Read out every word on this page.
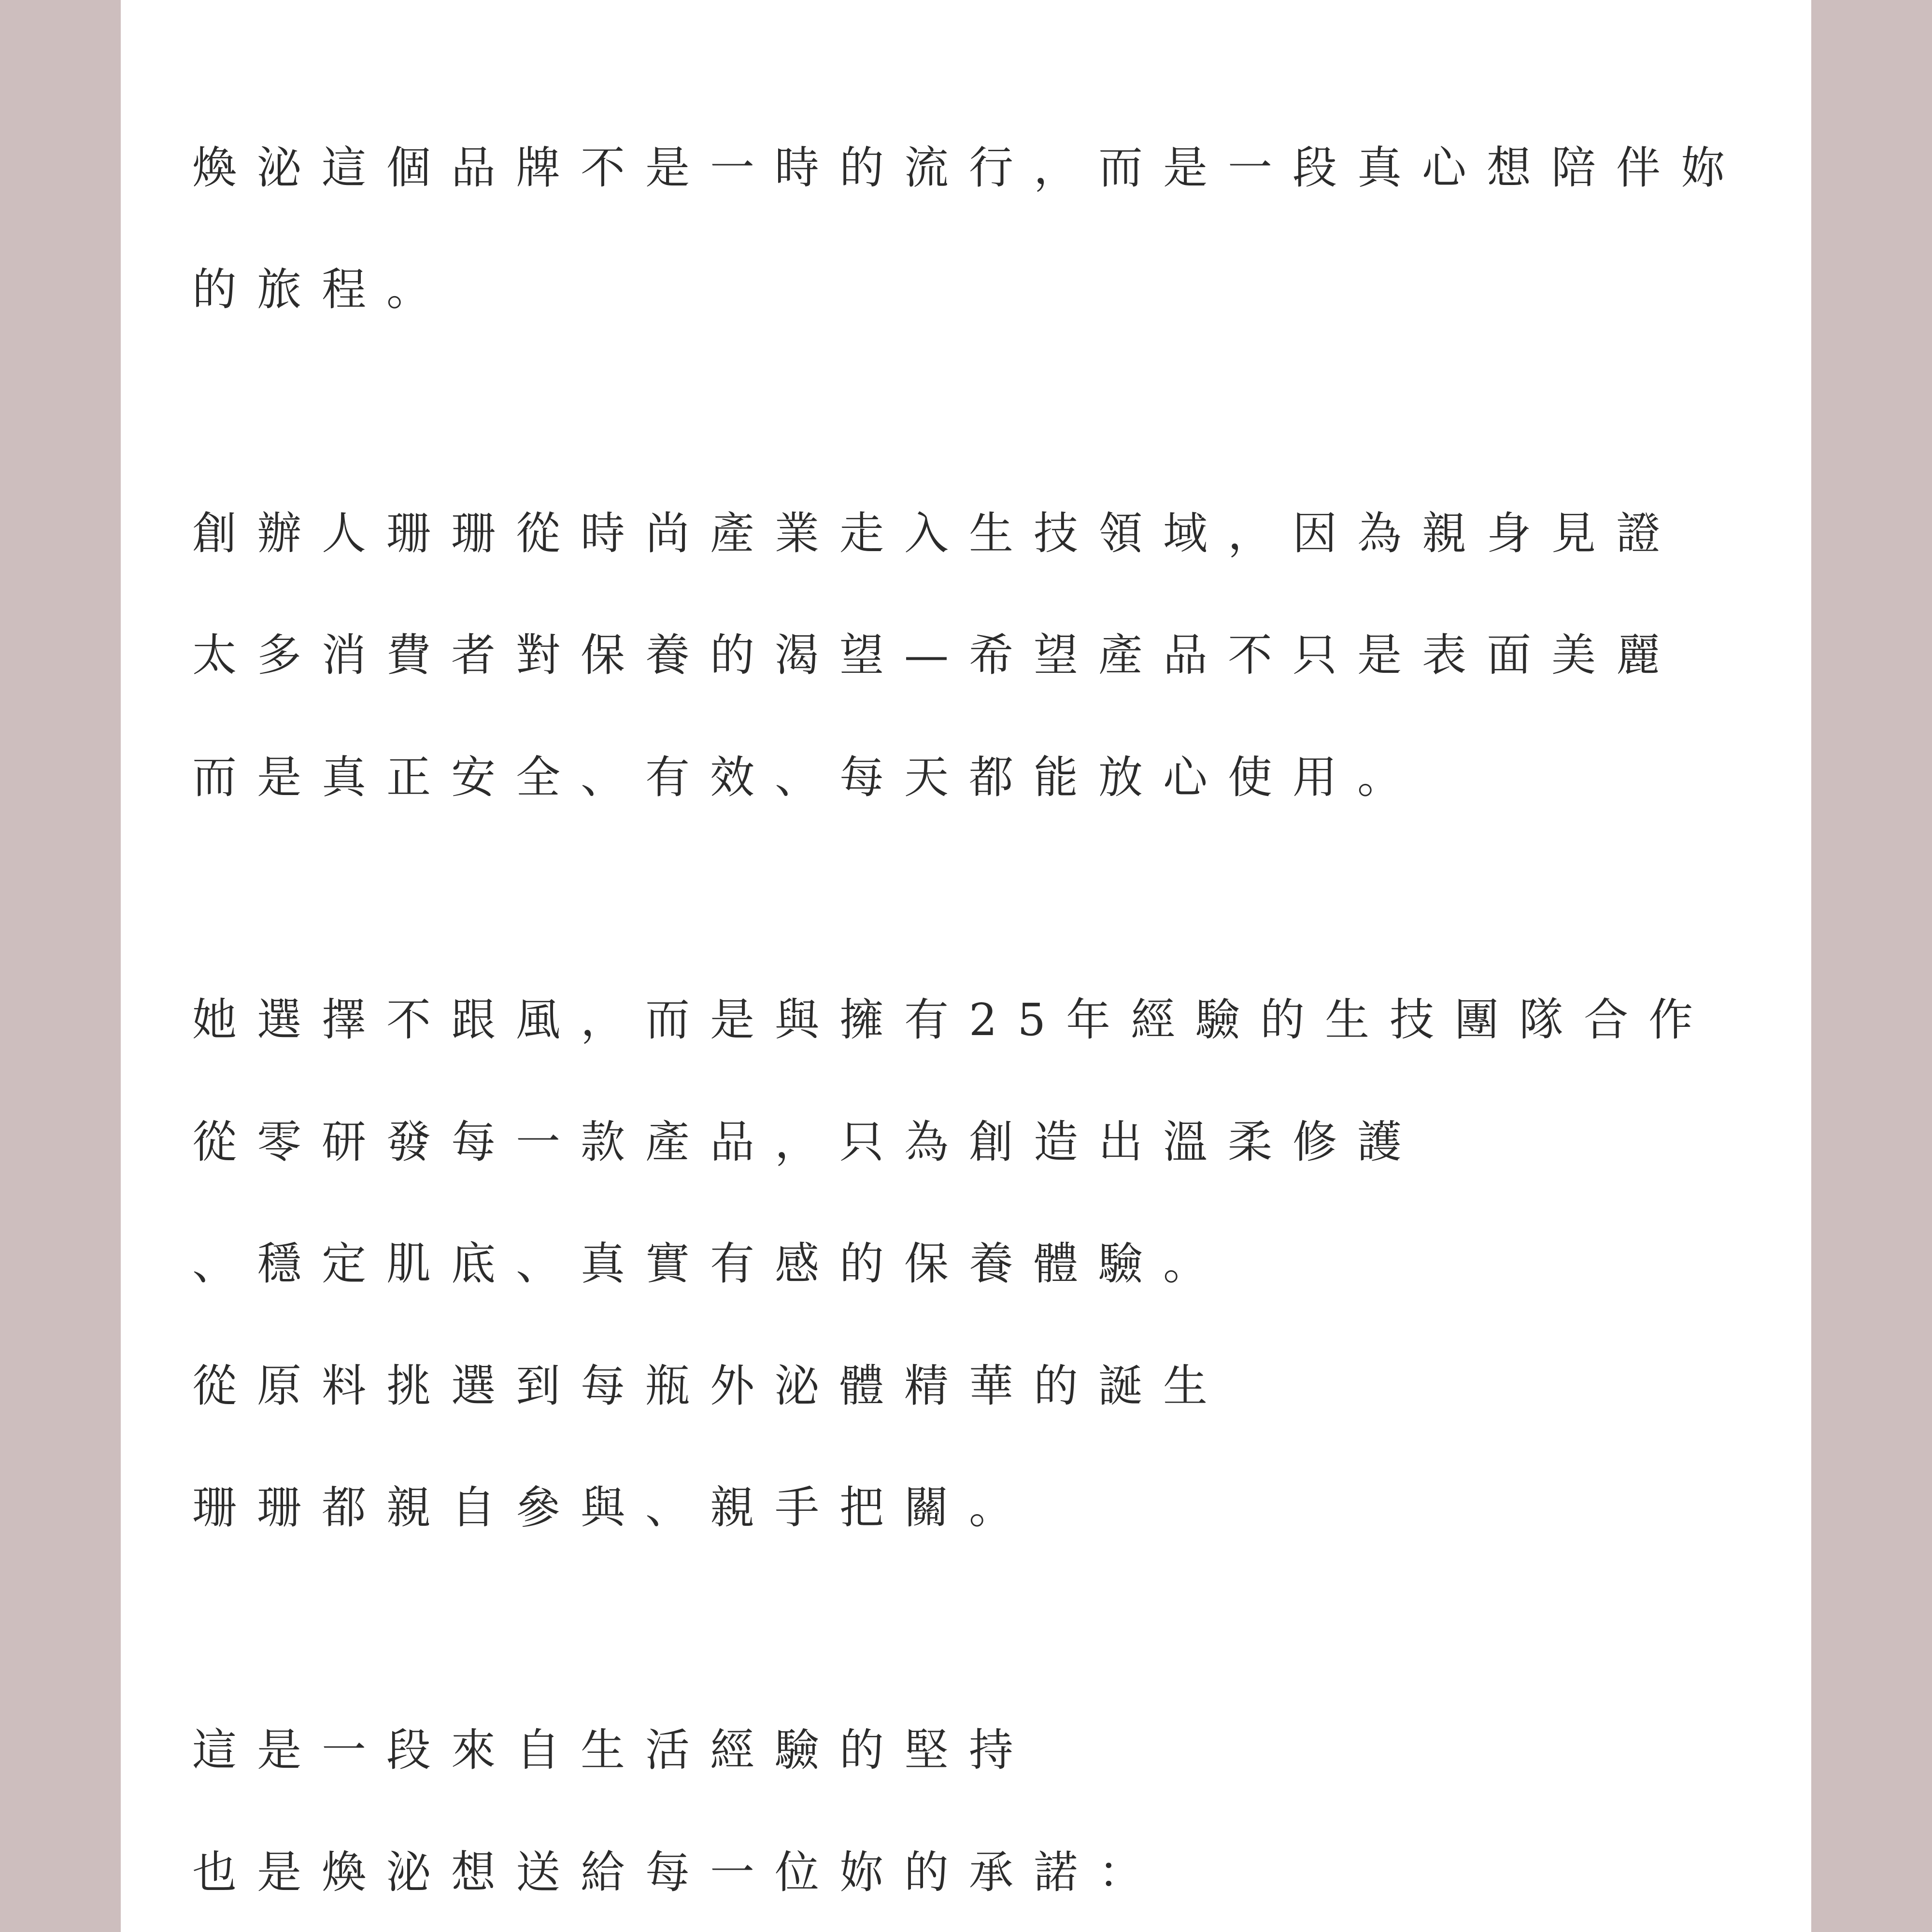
煥泌這個品牌不是一時的流行，而是一段真心想陪伴妳

的旅程。

創辦人珊珊從時尚產業走入生技領域，因為親身見證

太多消費者對保養的渴望—希望產品不只是表面美麗

而是真正安全、有效、每天都能放心使用。

她選擇不跟風，而是與擁有25年經驗的生技團隊合作

從零研發每一款產品，只為創造出溫柔修護

、穩定肌底、真實有感的保養體驗。

從原料挑選到每瓶外泌體精華的誕生

珊珊都親自參與、親手把關。

這是一段來自生活經驗的堅持

也是煥泌想送給每一位妳的承諾：
